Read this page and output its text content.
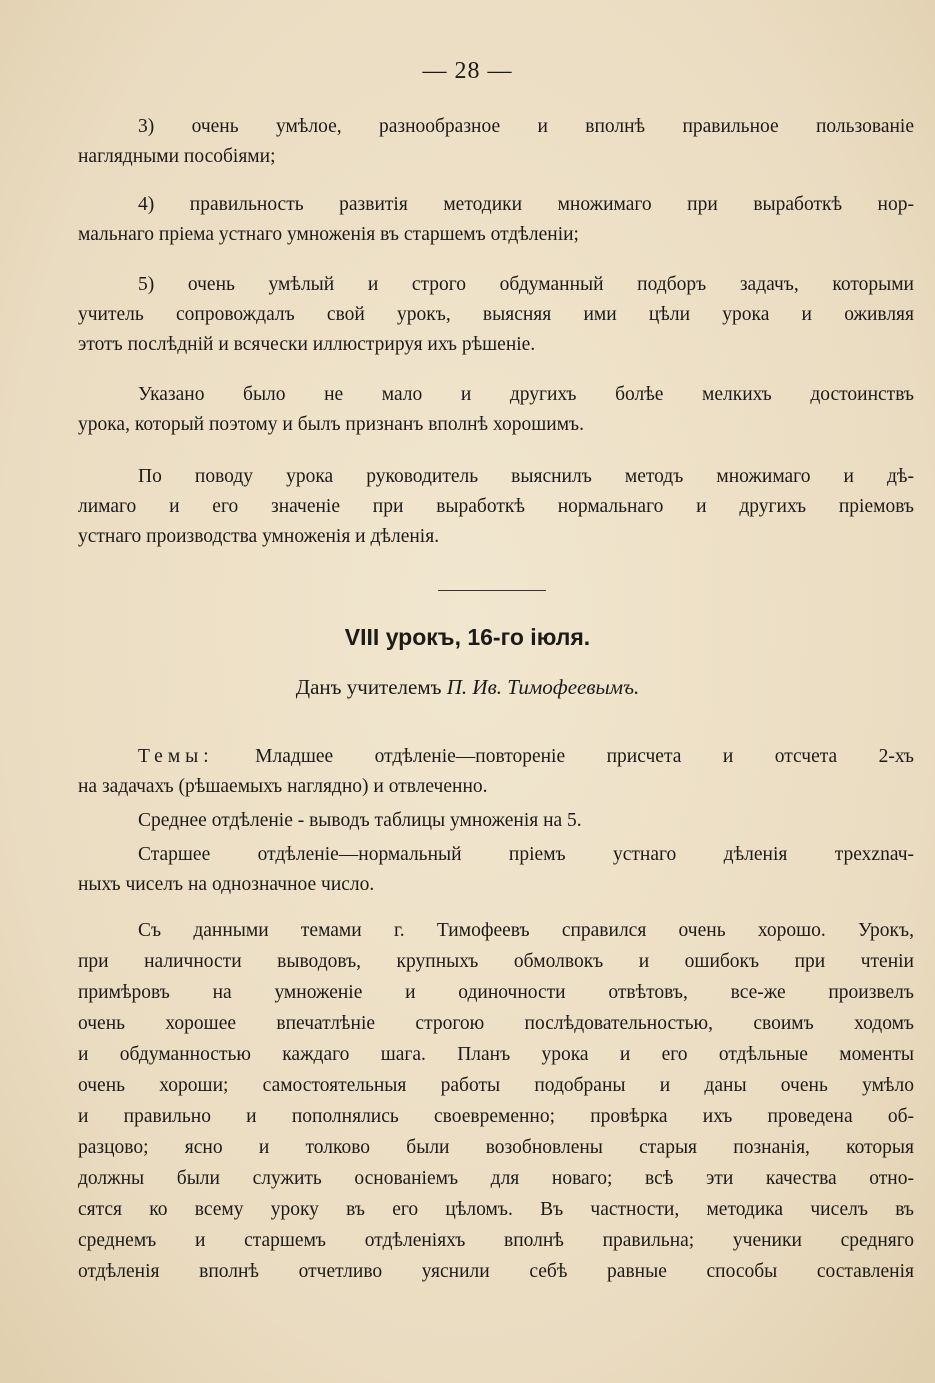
— 28 —
3) очень умѣлое, разнообразное и вполнѣ правильное пользованіе
наглядными пособіями;
4) правильность развитія методики множимаго при выработкѣ нор-
мальнаго пріема устнаго умноженія въ старшемъ отдѣленіи;
5) очень умѣлый и строго обдуманный подборъ задачъ, которыми
учитель сопровождалъ свой урокъ, выясняя ими цѣли урока и оживляя
этотъ послѣдній и всячески иллюстрируя ихъ рѣшеніе.
Указано было не мало и другихъ болѣе мелкихъ достоинствъ
урока, который поэтому и былъ признанъ вполнѣ хорошимъ.
По поводу урока руководитель выяснилъ методъ множимаго и дѣ-
лимаго и его значеніе при выработкѣ нормальнаго и другихъ пріемовъ
устнаго производства умноженія и дѣленія.
VIII урокъ, 16-го іюля.
Данъ учителемъ П. Ив. Тимофеевымъ.
Темы: Младшее отдѣленіе—повтореніе присчета и отсчета 2-хъ
на задачахъ (рѣшаемыхъ наглядно) и отвлеченно.
Среднее отдѣленіе - выводъ таблицы умноженія на 5.
Старшее отдѣленіе—нормальный пріемъ устнаго дѣленія трехznач-
ныхъ чиселъ на однозначное число.
Съ данными темами г. Тимофеевъ справился очень хорошо. Урокъ,
при наличности выводовъ, крупныхъ обмолвокъ и ошибокъ при чтеніи
примѣровъ на умноженіе и одиночности отвѣтовъ, все-же произвелъ
очень хорошее впечатлѣніе строгою послѣдовательностью, своимъ ходомъ
и обдуманностью каждаго шага. Планъ урока и его отдѣльные моменты
очень хороши; самостоятельныя работы подобраны и даны очень умѣло
и правильно и пополнялись своевременно; провѣрка ихъ проведена об-
разцово; ясно и толково были возобновлены старыя познанія, которыя
должны были служить основаніемъ для новаго; всѣ эти качества отно-
сятся ко всему уроку въ его цѣломъ. Въ частности, методика чиселъ въ
среднемъ и старшемъ отдѣленіяхъ вполнѣ правильна; ученики средняго
отдѣленія вполнѣ отчетливо уяснили себѣ равные способы составленія
